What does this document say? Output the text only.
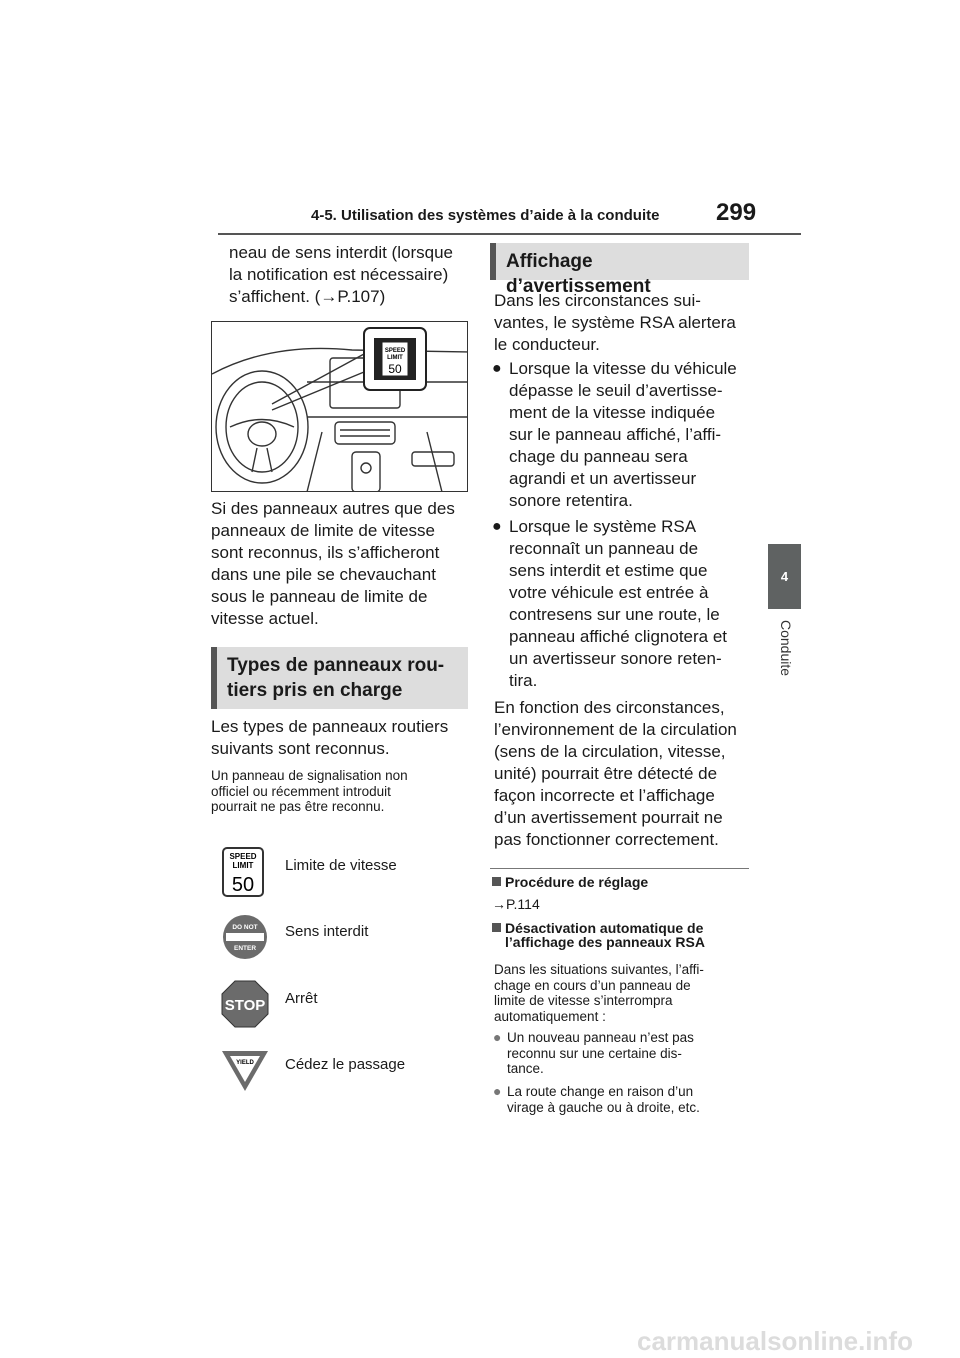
4-5. Utilisation des systèmes d’aide à la conduite 299
4
Conduite
neau de sens interdit (lorsque
la notification est nécessaire)
s’affichent. (→P.107)
SPEED
LIMIT
50
Si des panneaux autres que des
panneaux de limite de vitesse
sont reconnus, ils s’afficheront
dans une pile se chevauchant
sous le panneau de limite de
vitesse actuel.
Types de panneaux rou-
tiers pris en charge
Les types de panneaux routiers
suivants sont reconnus.
Un panneau de signalisation non
officiel ou récemment introduit
pourrait ne pas être reconnu.
SPEED
LIMIT
50
Limite de vitesse
DO NOT
ENTER
Sens interdit
STOP Arrêt
YIELD Cédez le passage
Affichage d’avertissement
Dans les circonstances sui-
vantes, le système RSA alertera
le conducteur.
● Lorsque la vitesse du véhicule
dépasse le seuil d’avertisse-
ment de la vitesse indiquée
sur le panneau affiché, l’affi-
chage du panneau sera
agrandi et un avertisseur
sonore retentira.
● Lorsque le système RSA
reconnaît un panneau de
sens interdit et estime que
votre véhicule est entrée à
contresens sur une route, le
panneau affiché clignotera et
un avertisseur sonore reten-
tira.
En fonction des circonstances,
l’environnement de la circulation
(sens de la circulation, vitesse,
unité) pourrait être détecté de
façon incorrecte et l’affichage
d’un avertissement pourrait ne
pas fonctionner correctement.
Procédure de réglage
→P.114
Désactivation automatique de
l’affichage des panneaux RSA
Dans les situations suivantes, l’affi-
chage en cours d’un panneau de
limite de vitesse s’interrompra
automatiquement :
● Un nouveau panneau n’est pas
reconnu sur une certaine dis-
tance.
● La route change en raison d’un
virage à gauche ou à droite, etc.
carmanualsonline.info
